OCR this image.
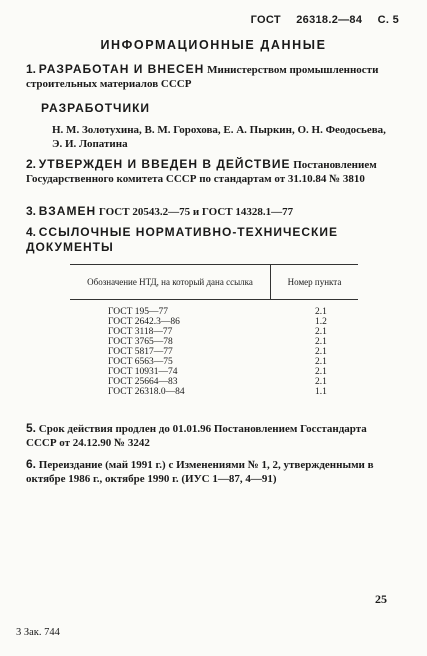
ГОСТ 26318.2—84 С. 5
ИНФОРМАЦИОННЫЕ ДАННЫЕ
1. РАЗРАБОТАН И ВНЕСЕН Министерством промышленности строительных материалов СССР
РАЗРАБОТЧИКИ
Н. М. Золотухина, В. М. Горохова, Е. А. Пыркин, О. Н. Феодосьева, Э. И. Лопатина
2. УТВЕРЖДЕН И ВВЕДЕН В ДЕЙСТВИЕ Постановлением Государственного комитета СССР по стандартам от 31.10.84 № 3810
3. ВЗАМЕН ГОСТ 20543.2—75 и ГОСТ 14328.1—77
4. ССЫЛОЧНЫЕ НОРМАТИВНО-ТЕХНИЧЕСКИЕ ДОКУМЕНТЫ
Обозначение НТД, на который дана ссылка	Номер пункта
ГОСТ 195—77	2.1
ГОСТ 2642.3—86	1.2
ГОСТ 3118—77	2.1
ГОСТ 3765—78	2.1
ГОСТ 5817—77	2.1
ГОСТ 6563—75	2.1
ГОСТ 10931—74	2.1
ГОСТ 25664—83	2.1
ГОСТ 26318.0—84	1.1
5. Срок действия продлен до 01.01.96 Постановлением Госстандарта СССР от 24.12.90 № 3242
6. Переиздание (май 1991 г.) с Изменениями № 1, 2, утвержденными в октябре 1986 г., октябре 1990 г. (ИУС 1—87, 4—91)
25
3 Зак. 744
